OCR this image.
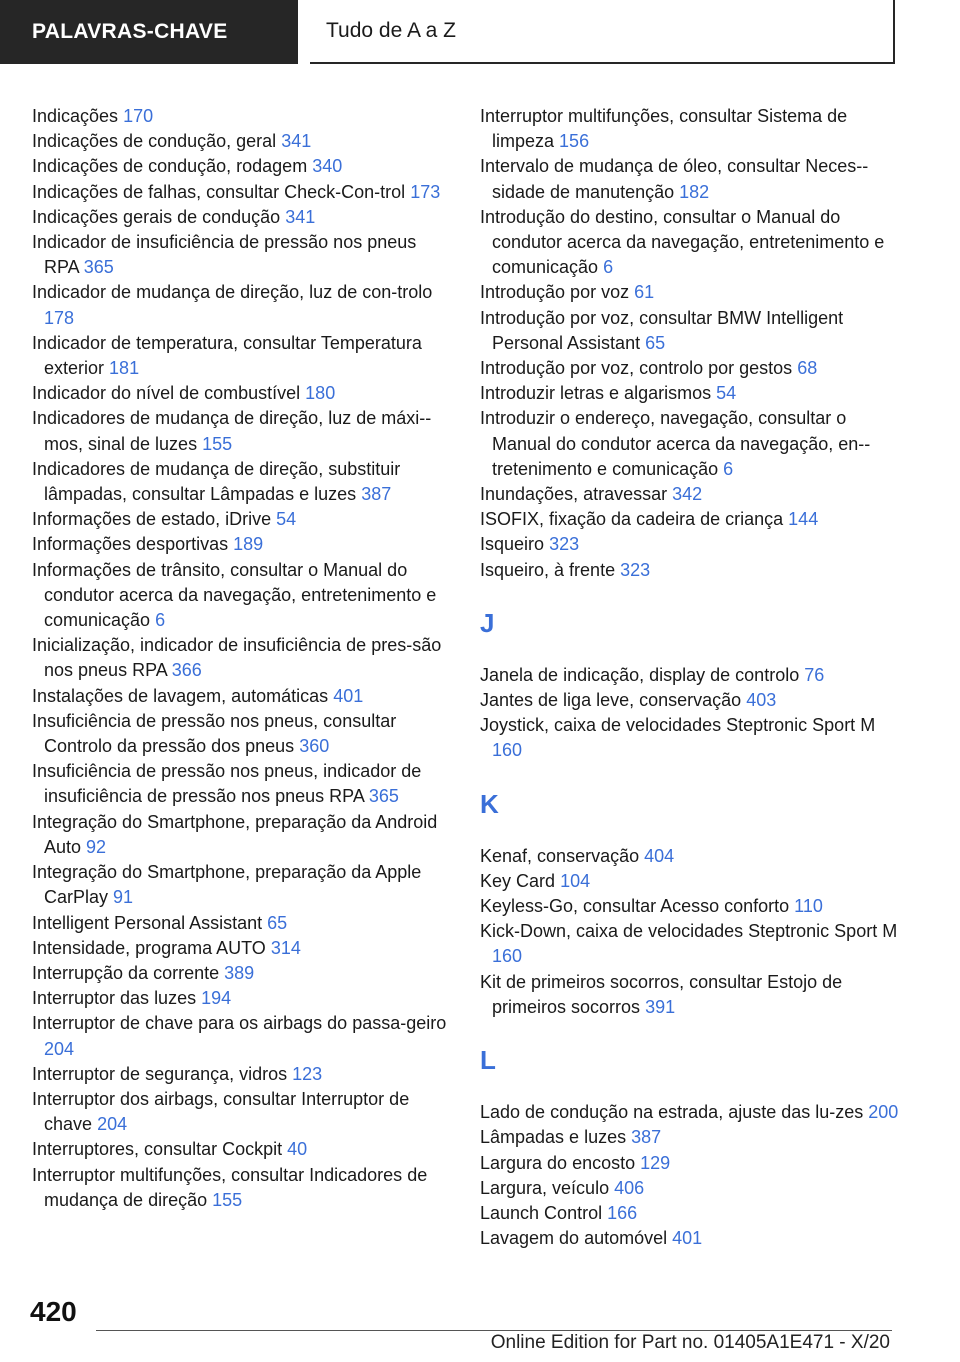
PALAVRAS-CHAVE	Tudo de A a Z
Indicações 170
Indicações de condução, geral 341
Indicações de condução, rodagem 340
Indicações de falhas, consultar Check-Con-trol 173
Indicações gerais de condução 341
Indicador de insuficiência de pressão nos pneus RPA 365
Indicador de mudança de direção, luz de con-trolo 178
Indicador de temperatura, consultar Temperatura exterior 181
Indicador do nível de combustível 180
Indicadores de mudança de direção, luz de máxi-mos, sinal de luzes 155
Indicadores de mudança de direção, substituir lâmpadas, consultar Lâmpadas e luzes 387
Informações de estado, iDrive 54
Informações desportivas 189
Informações de trânsito, consultar o Manual do condutor acerca da navegação, entretenimento e comunicação 6
Inicialização, indicador de insuficiência de pres-são nos pneus RPA 366
Instalações de lavagem, automáticas 401
Insuficiência de pressão nos pneus, consultar Controlo da pressão dos pneus 360
Insuficiência de pressão nos pneus, indicador de insuficiência de pressão nos pneus RPA 365
Integração do Smartphone, preparação da Android Auto 92
Integração do Smartphone, preparação da Apple CarPlay 91
Intelligent Personal Assistant 65
Intensidade, programa AUTO 314
Interrupção da corrente 389
Interruptor das luzes 194
Interruptor de chave para os airbags do passa-geiro 204
Interruptor de segurança, vidros 123
Interruptor dos airbags, consultar Interruptor de chave 204
Interruptores, consultar Cockpit 40
Interruptor multifunções, consultar Indicadores de mudança de direção 155
Interruptor multifunções, consultar Sistema de limpeza 156
Intervalo de mudança de óleo, consultar Neces-sidade de manutenção 182
Introdução do destino, consultar o Manual do condutor acerca da navegação, entretenimento e comunicação 6
Introdução por voz 61
Introdução por voz, consultar BMW Intelligent Personal Assistant 65
Introdução por voz, controlo por gestos 68
Introduzir letras e algarismos 54
Introduzir o endereço, navegação, consultar o Manual do condutor acerca da navegação, en-tretenimento e comunicação 6
Inundações, atravessar 342
ISOFIX, fixação da cadeira de criança 144
Isqueiro 323
Isqueiro, à frente 323
J
Janela de indicação, display de controlo 76
Jantes de liga leve, conservação 403
Joystick, caixa de velocidades Steptronic Sport M 160
K
Kenaf, conservação 404
Key Card 104
Keyless-Go, consultar Acesso conforto 110
Kick-Down, caixa de velocidades Steptronic Sport M 160
Kit de primeiros socorros, consultar Estojo de primeiros socorros 391
L
Lado de condução na estrada, ajuste das lu-zes 200
Lâmpadas e luzes 387
Largura do encosto 129
Largura, veículo 406
Launch Control 166
Lavagem do automóvel 401
420
Online Edition for Part no. 01405A1E471 - X/20
